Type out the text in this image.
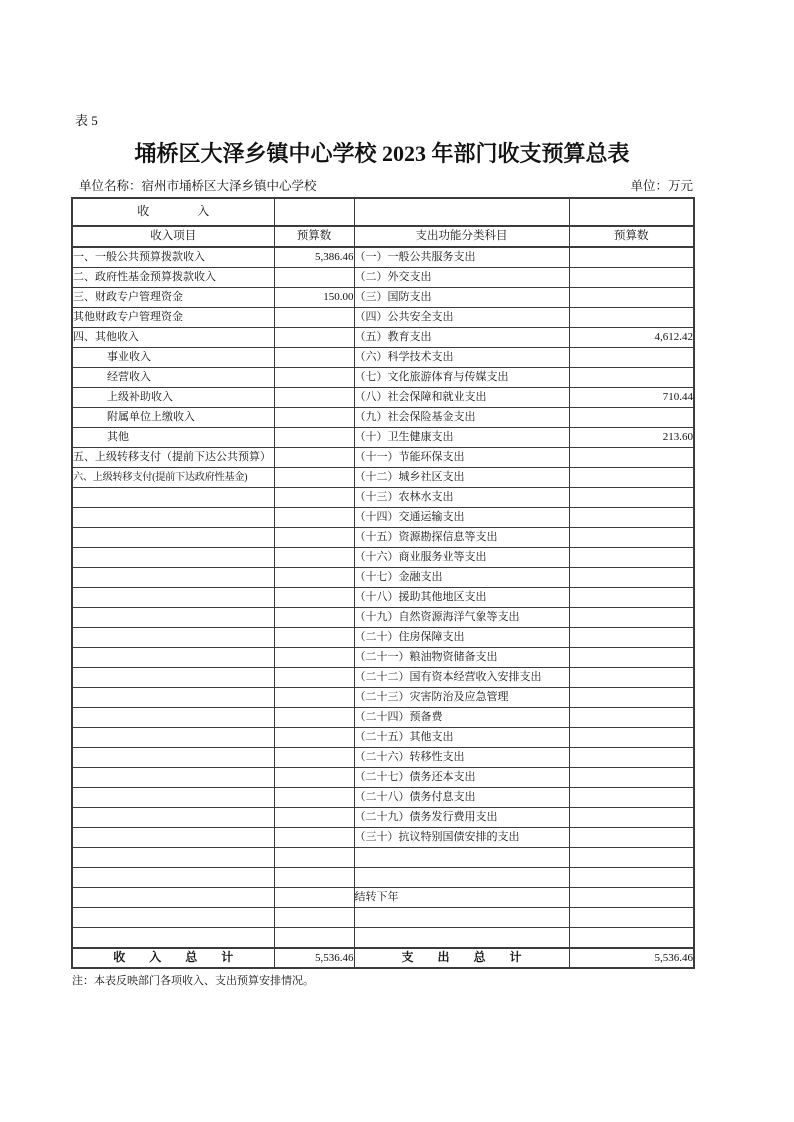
表 5
埇桥区大泽乡镇中心学校 2023 年部门收支预算总表
单位名称：宿州市埇桥区大泽乡镇中心学校	单位：万元
收　　　　入			
收入项目	预算数	支出功能分类科目	预算数
一、一般公共预算拨款收入	5,386.46	（一）一般公共服务支出	
二、政府性基金预算拨款收入		（二）外交支出	
三、财政专户管理资金	150.00	（三）国防支出	
其他财政专户管理资金		（四）公共安全支出	
四、其他收入		（五）教育支出	4,612.42
事业收入		（六）科学技术支出	
经营收入		（七）文化旅游体育与传媒支出	
上级补助收入		（八）社会保障和就业支出	710.44
附属单位上缴收入		（九）社会保险基金支出	
其他		（十）卫生健康支出	213.60
五、上级转移支付（提前下达公共预算）		（十一）节能环保支出	
六、上级转移支付(提前下达政府性基金)		（十二）城乡社区支出	
		（十三）农林水支出	
		（十四）交通运输支出	
		（十五）资源勘探信息等支出	
		（十六）商业服务业等支出	
		（十七）金融支出	
		（十八）援助其他地区支出	
		（十九）自然资源海洋气象等支出	
		（二十）住房保障支出	
		（二十一）粮油物资储备支出	
		（二十二）国有资本经营收入安排支出	
		（二十三）灾害防治及应急管理	
		（二十四）预备费	
		（二十五）其他支出	
		（二十六）转移性支出	
		（二十七）债务还本支出	
		（二十八）债务付息支出	
		（二十九）债务发行费用支出	
		（三十）抗议特别国债安排的支出	

		结转下年	

收　　入　　总　　计	5,536.46	支　　出　　总　　计	5,536.46
注：本表反映部门各项收入、支出预算安排情况。
